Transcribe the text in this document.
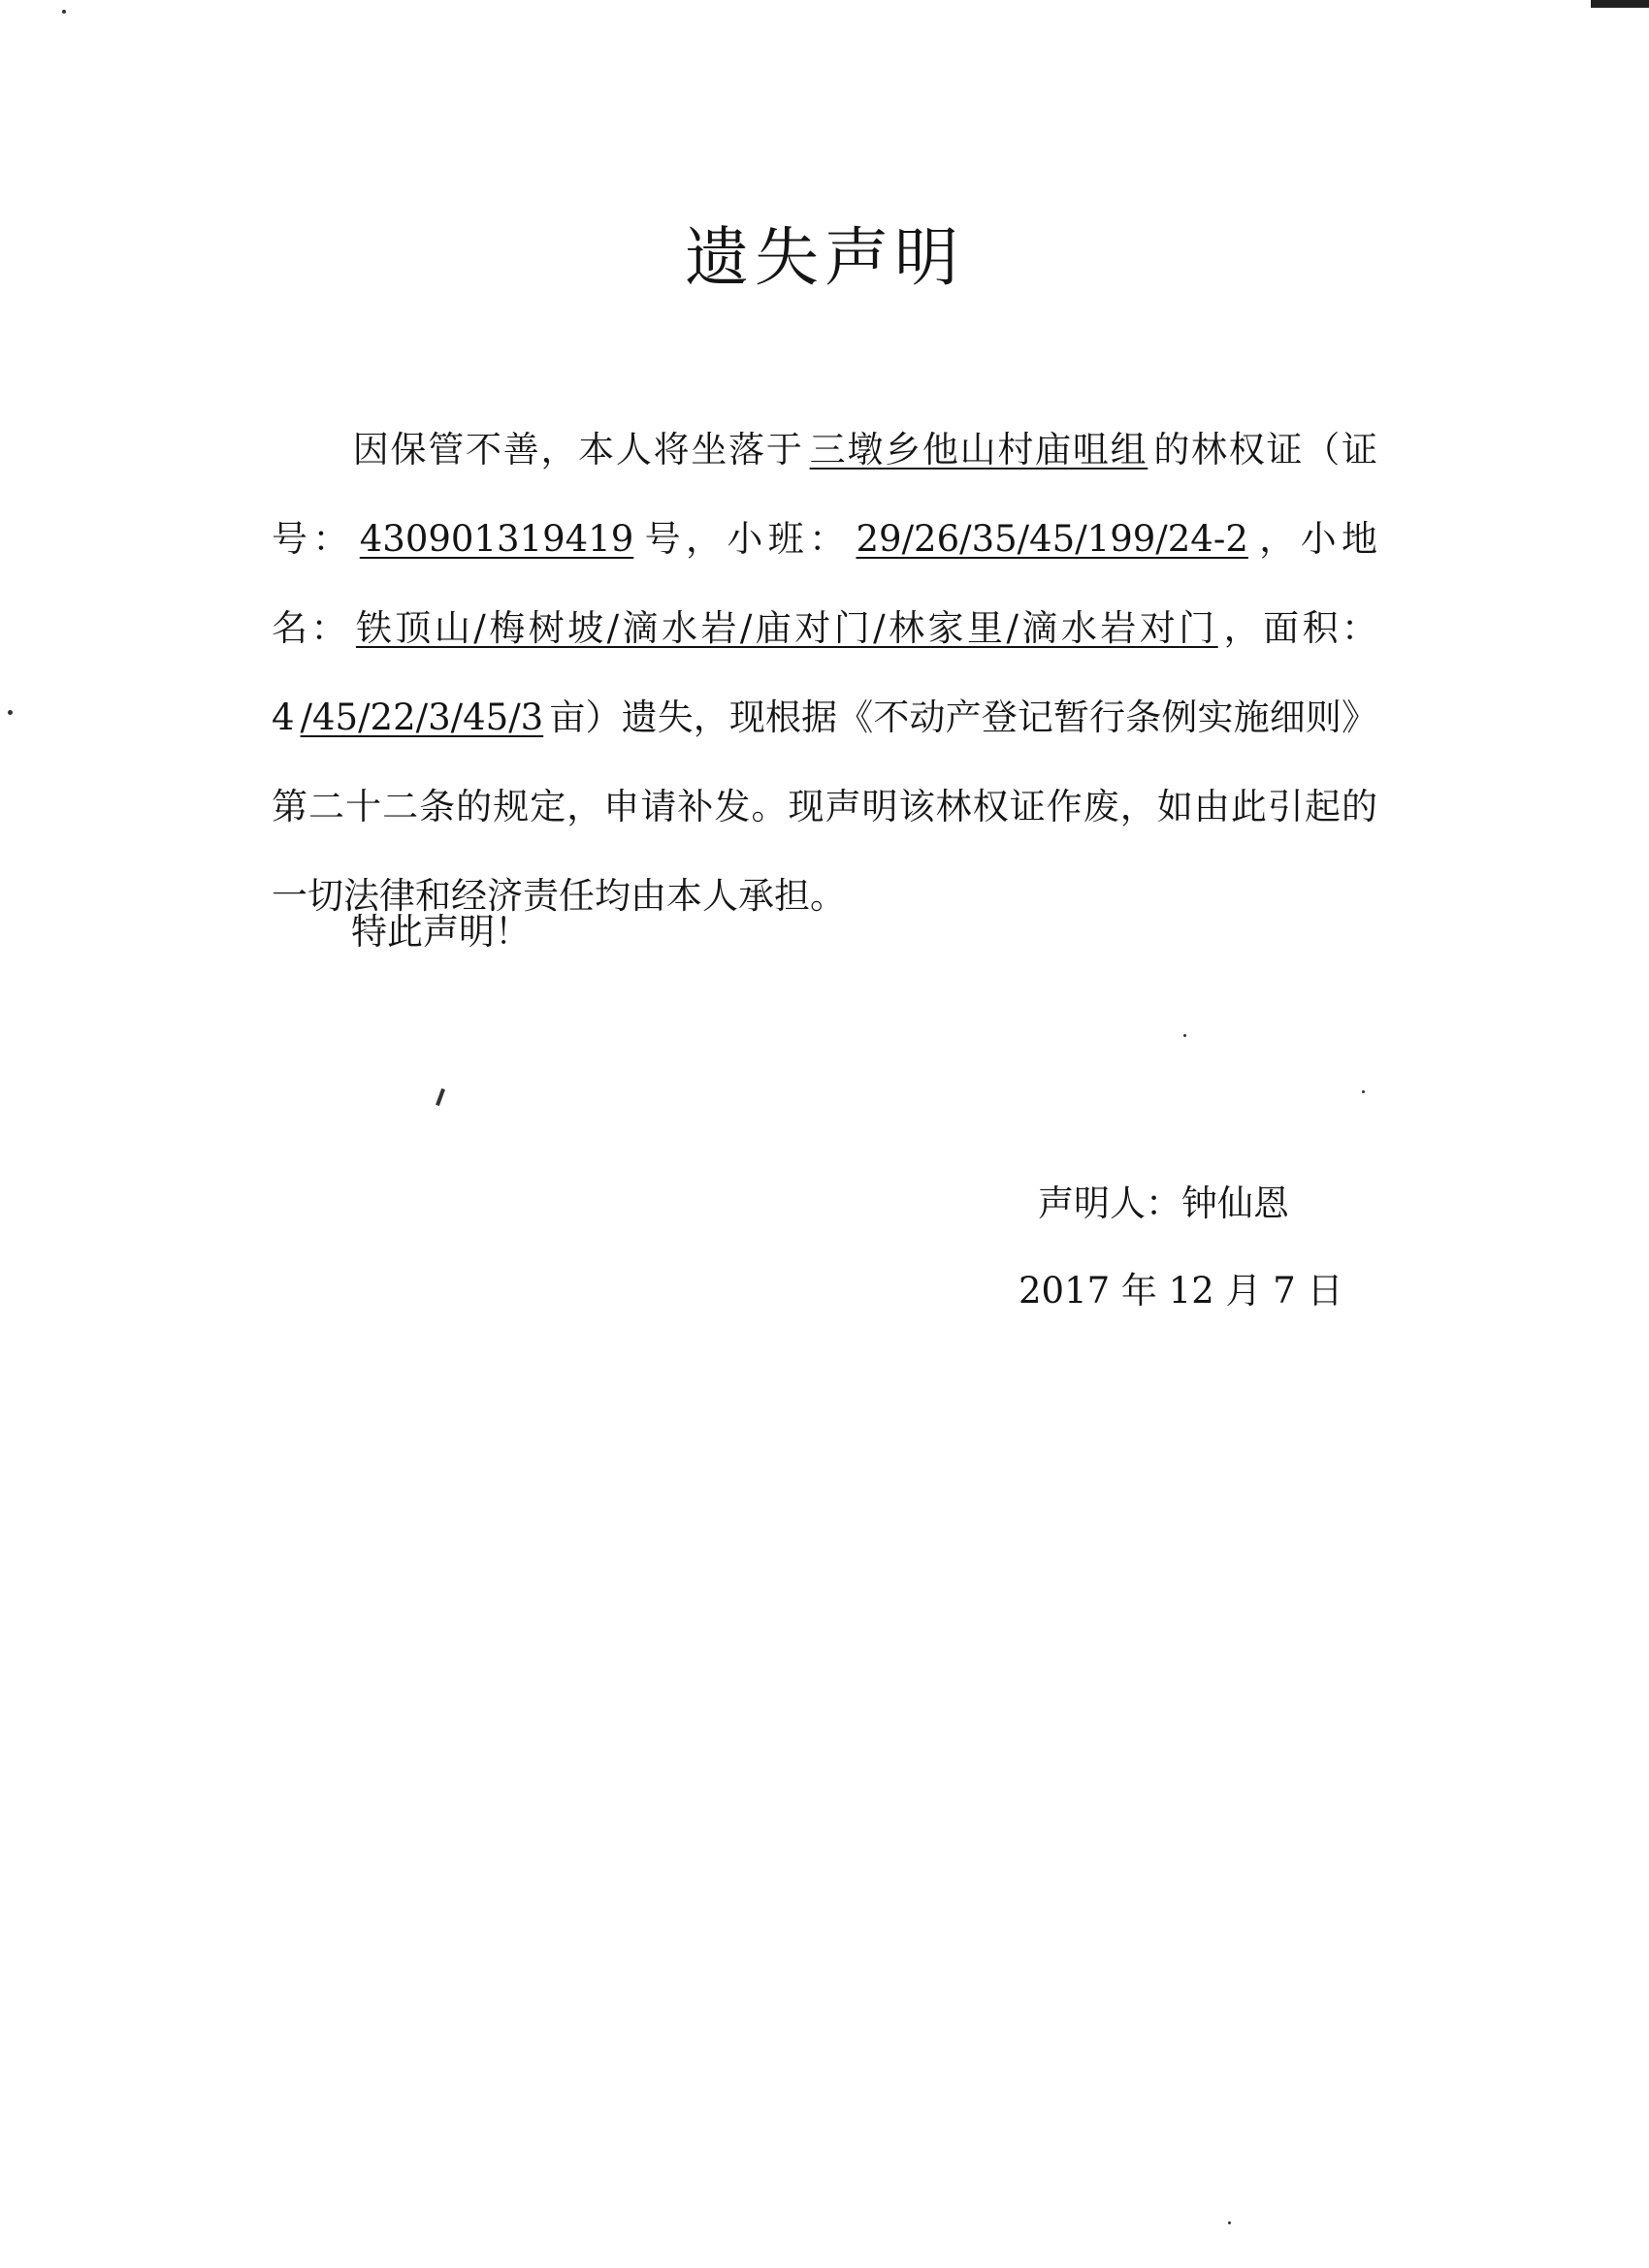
遗失声明

因保管不善，本人将坐落于 三墩乡他山村庙咀组 的林权证（证号： 430901319419 号，小班： 29/26/35/45/199/24-2 ，小地名： 铁顶山/梅树坡/滴水岩/庙对门/林家里/滴水岩对门 ，面积：4 /45/22/3/45/3 亩）遗失，现根据《不动产登记暂行条例实施细则》第二十二条的规定，申请补发。现声明该林权证作废，如由此引起的一切法律和经济责任均由本人承担。

特此声明！

声明人：钟仙恩
2017 年 12 月 7 日
